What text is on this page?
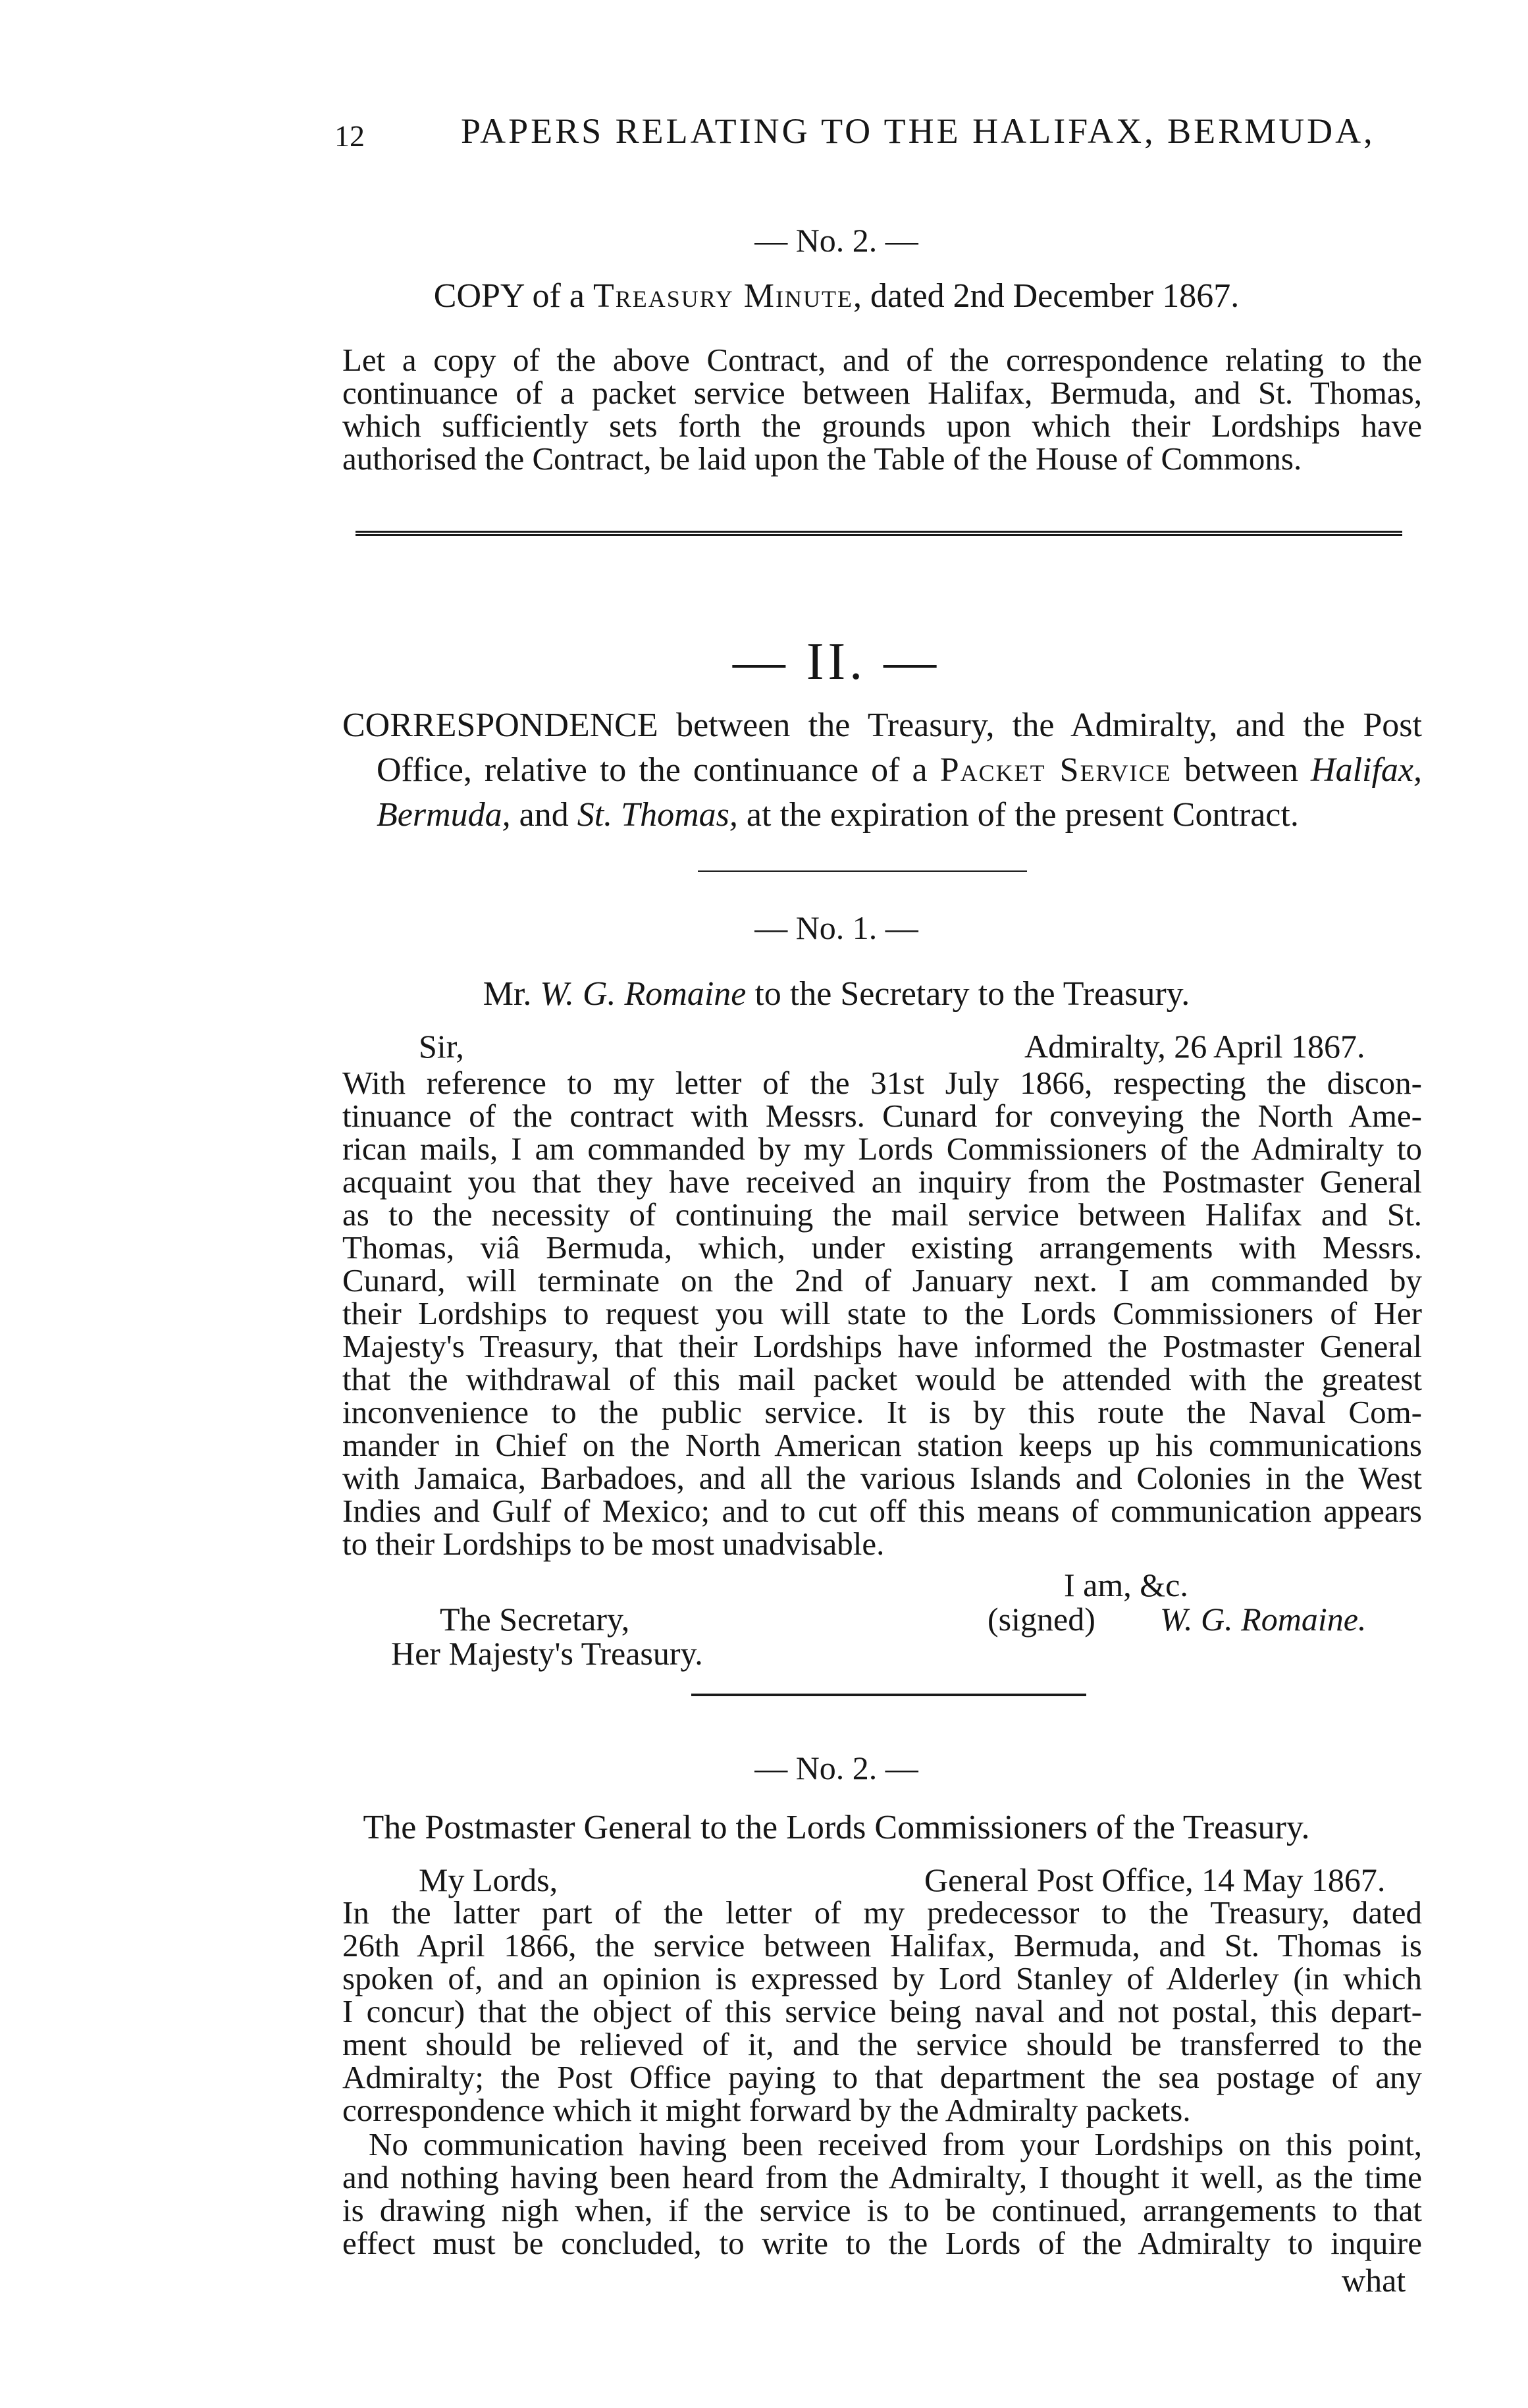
12	PAPERS RELATING TO THE HALIFAX, BERMUDA,
— No. 2. —
COPY of a Treasury Minute, dated 2nd December 1867.
Let a copy of the above Contract, and of the correspondence relating to the
continuance of a packet service between Halifax, Bermuda, and St. Thomas,
which sufficiently sets forth the grounds upon which their Lordships have
authorised the Contract, be laid upon the Table of the House of Commons.
— II. —
CORRESPONDENCE between the Treasury, the Admiralty, and the Post
Office, relative to the continuance of a Packet Service between Halifax,
Bermuda, and St. Thomas, at the expiration of the present Contract.
— No. 1. —
Mr. W. G. Romaine to the Secretary to the Treasury.
Sir,	Admiralty, 26 April 1867.
With reference to my letter of the 31st July 1866, respecting the discon-
tinuance of the contract with Messrs. Cunard for conveying the North Ame-
rican mails, I am commanded by my Lords Commissioners of the Admiralty to
acquaint you that they have received an inquiry from the Postmaster General
as to the necessity of continuing the mail service between Halifax and St.
Thomas, viâ Bermuda, which, under existing arrangements with Messrs.
Cunard, will terminate on the 2nd of January next. I am commanded by
their Lordships to request you will state to the Lords Commissioners of Her
Majesty's Treasury, that their Lordships have informed the Postmaster General
that the withdrawal of this mail packet would be attended with the greatest
inconvenience to the public service. It is by this route the Naval Com-
mander in Chief on the North American station keeps up his communications
with Jamaica, Barbadoes, and all the various Islands and Colonies in the West
Indies and Gulf of Mexico; and to cut off this means of communication appears
to their Lordships to be most unadvisable.
I am, &c.
The Secretary,	(signed) W. G. Romaine.
Her Majesty's Treasury.
— No. 2. —
The Postmaster General to the Lords Commissioners of the Treasury.
My Lords,	General Post Office, 14 May 1867.
In the latter part of the letter of my predecessor to the Treasury, dated
26th April 1866, the service between Halifax, Bermuda, and St. Thomas is
spoken of, and an opinion is expressed by Lord Stanley of Alderley (in which
I concur) that the object of this service being naval and not postal, this depart-
ment should be relieved of it, and the service should be transferred to the
Admiralty; the Post Office paying to that department the sea postage of any
correspondence which it might forward by the Admiralty packets.
No communication having been received from your Lordships on this point,
and nothing having been heard from the Admiralty, I thought it well, as the time
is drawing nigh when, if the service is to be continued, arrangements to that
effect must be concluded, to write to the Lords of the Admiralty to inquire
what
